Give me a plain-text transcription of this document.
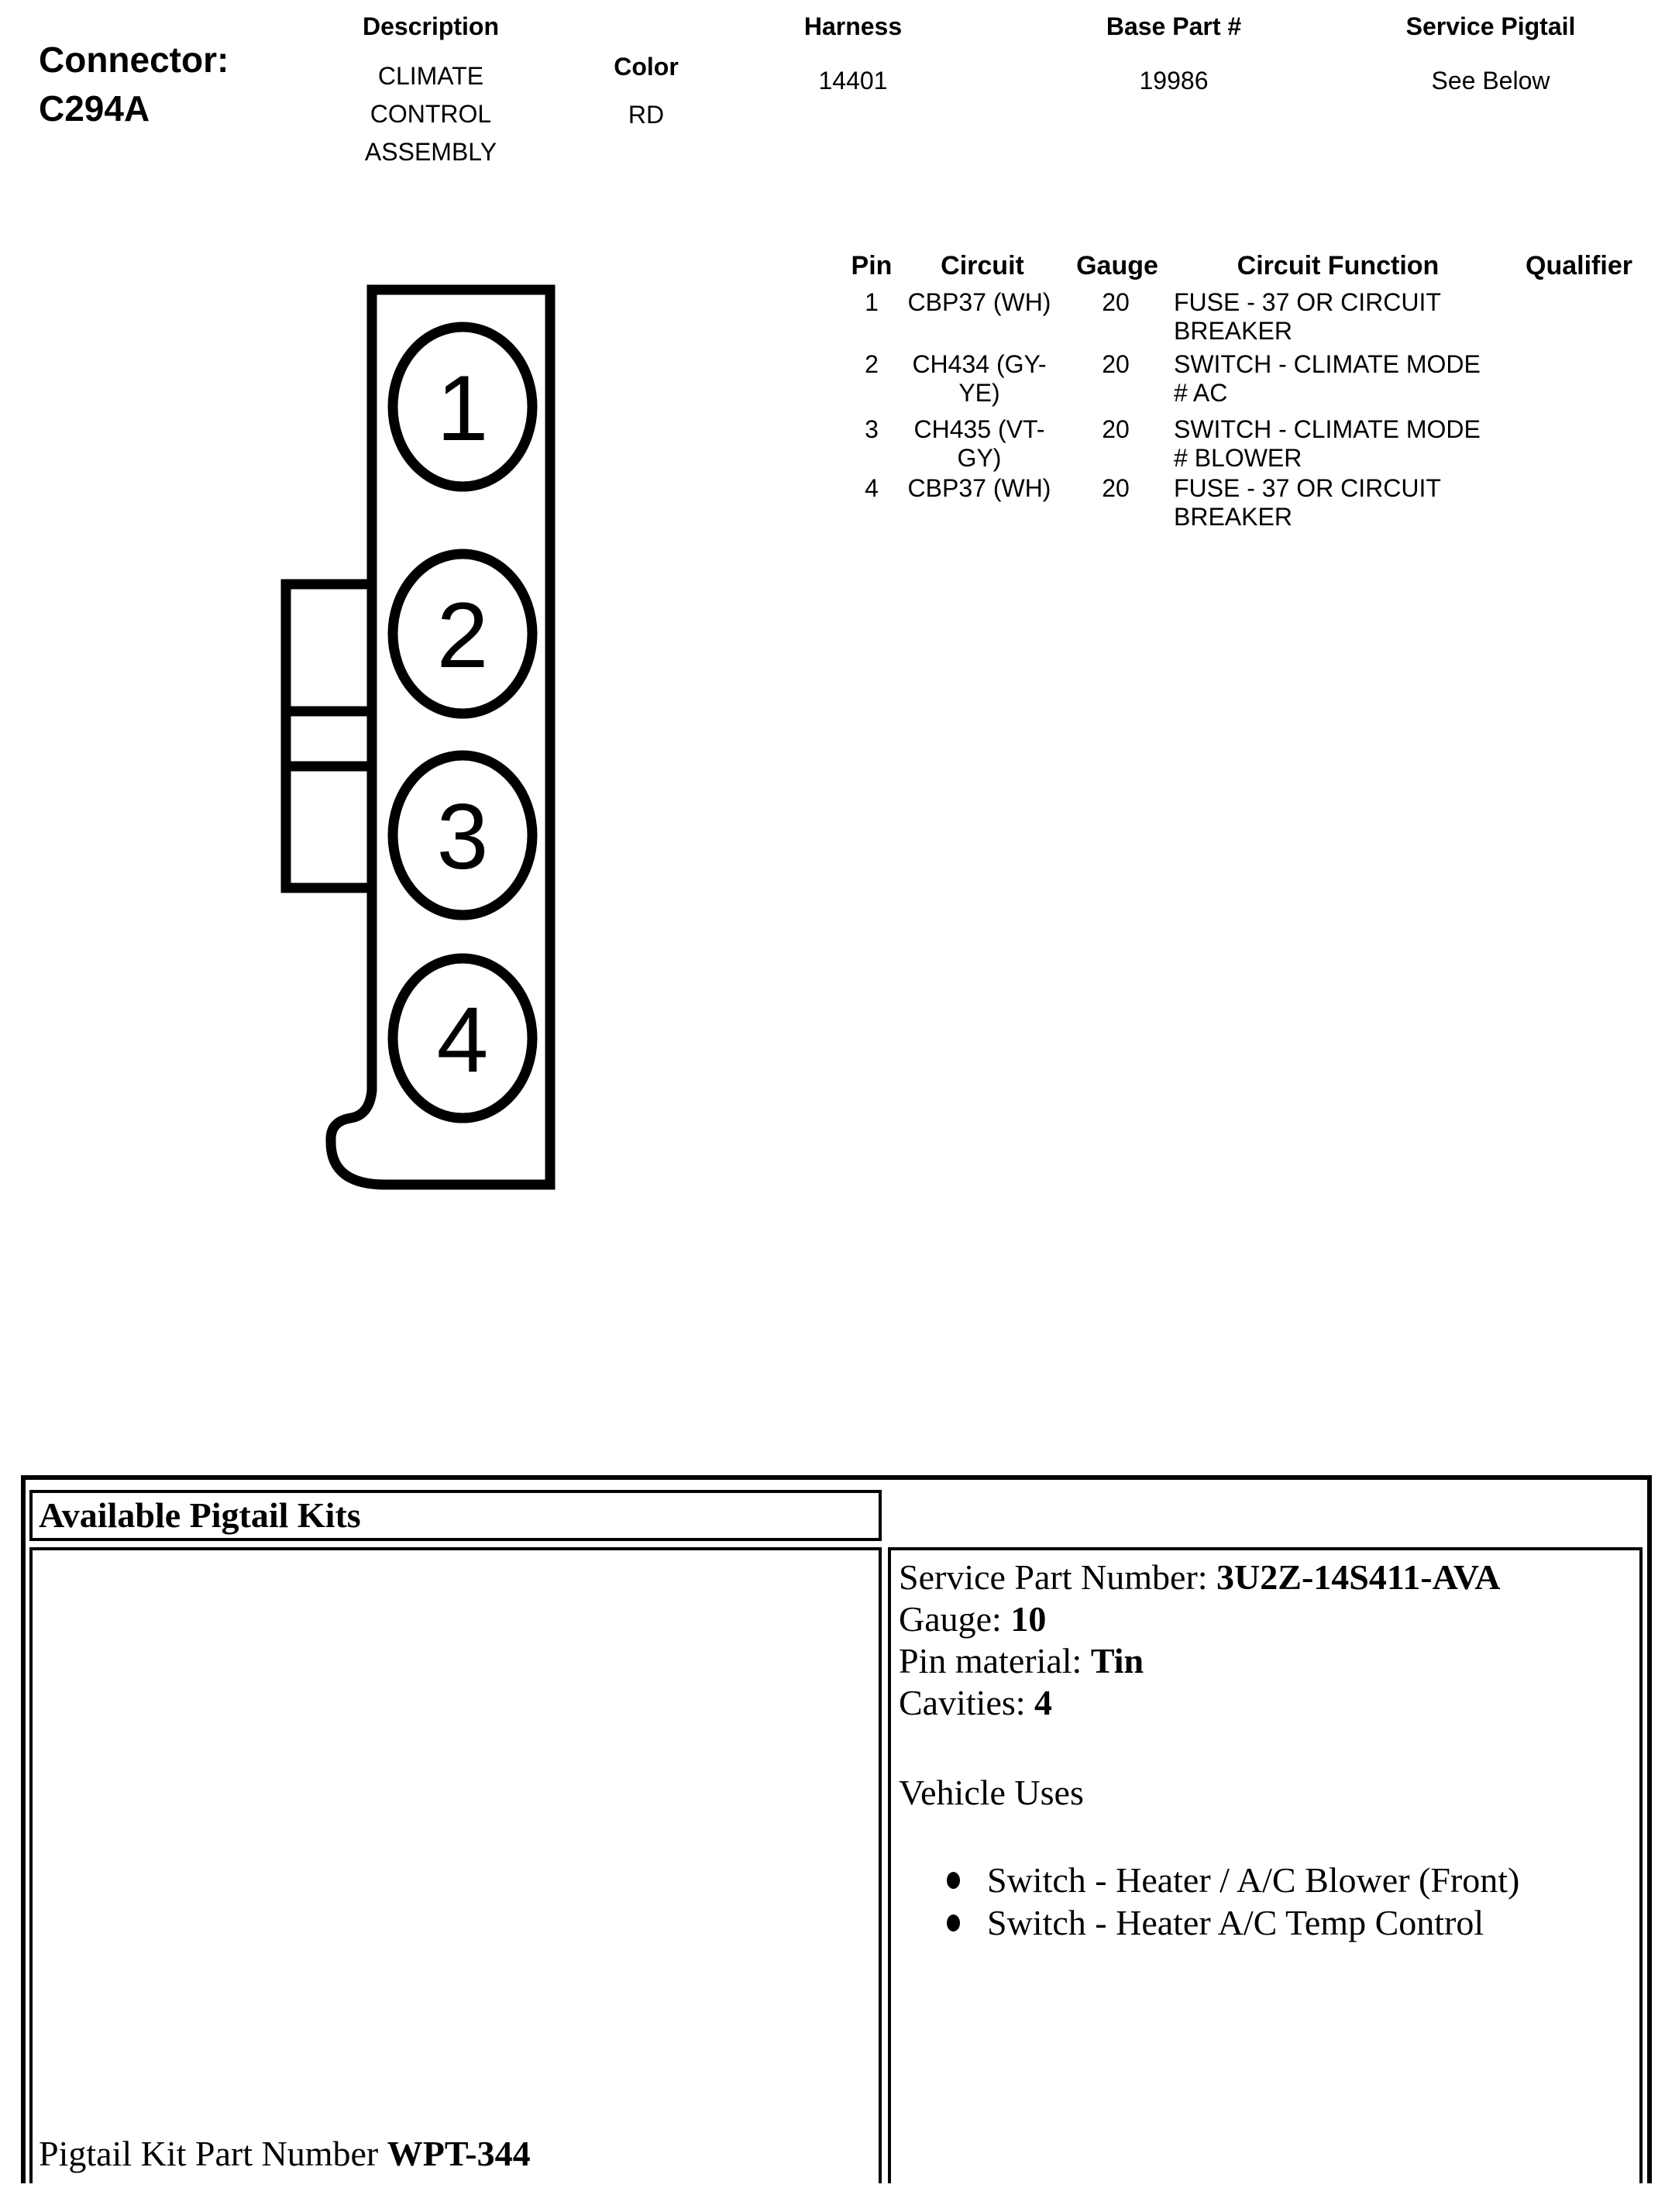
Connector:
C294A
Description
CLIMATE
CONTROL
ASSEMBLY
Color
RD
Harness
14401
Base Part #
19986
Service Pigtail
See Below
1
2
3
4
Pin Circuit Gauge	Circuit Function	Qualifier
1 CBP37 (WH) 20 FUSE - 37 OR CIRCUIT
BREAKER
2 CH434 (GY-
YE)
20 SWITCH - CLIMATE MODE
# AC
3 CH435 (VT-
GY)
20 SWITCH - CLIMATE MODE
# BLOWER
4 CBP37 (WH) 20 FUSE - 37 OR CIRCUIT
BREAKER
Available Pigtail Kits
Pigtail Kit Part Number WPT-344
Service Part Number: 3U2Z-14S411-AVA
Gauge: 10
Pin material: Tin
Cavities: 4
Vehicle Uses
Switch - Heater / A/C Blower (Front)
Switch - Heater A/C Temp Control
